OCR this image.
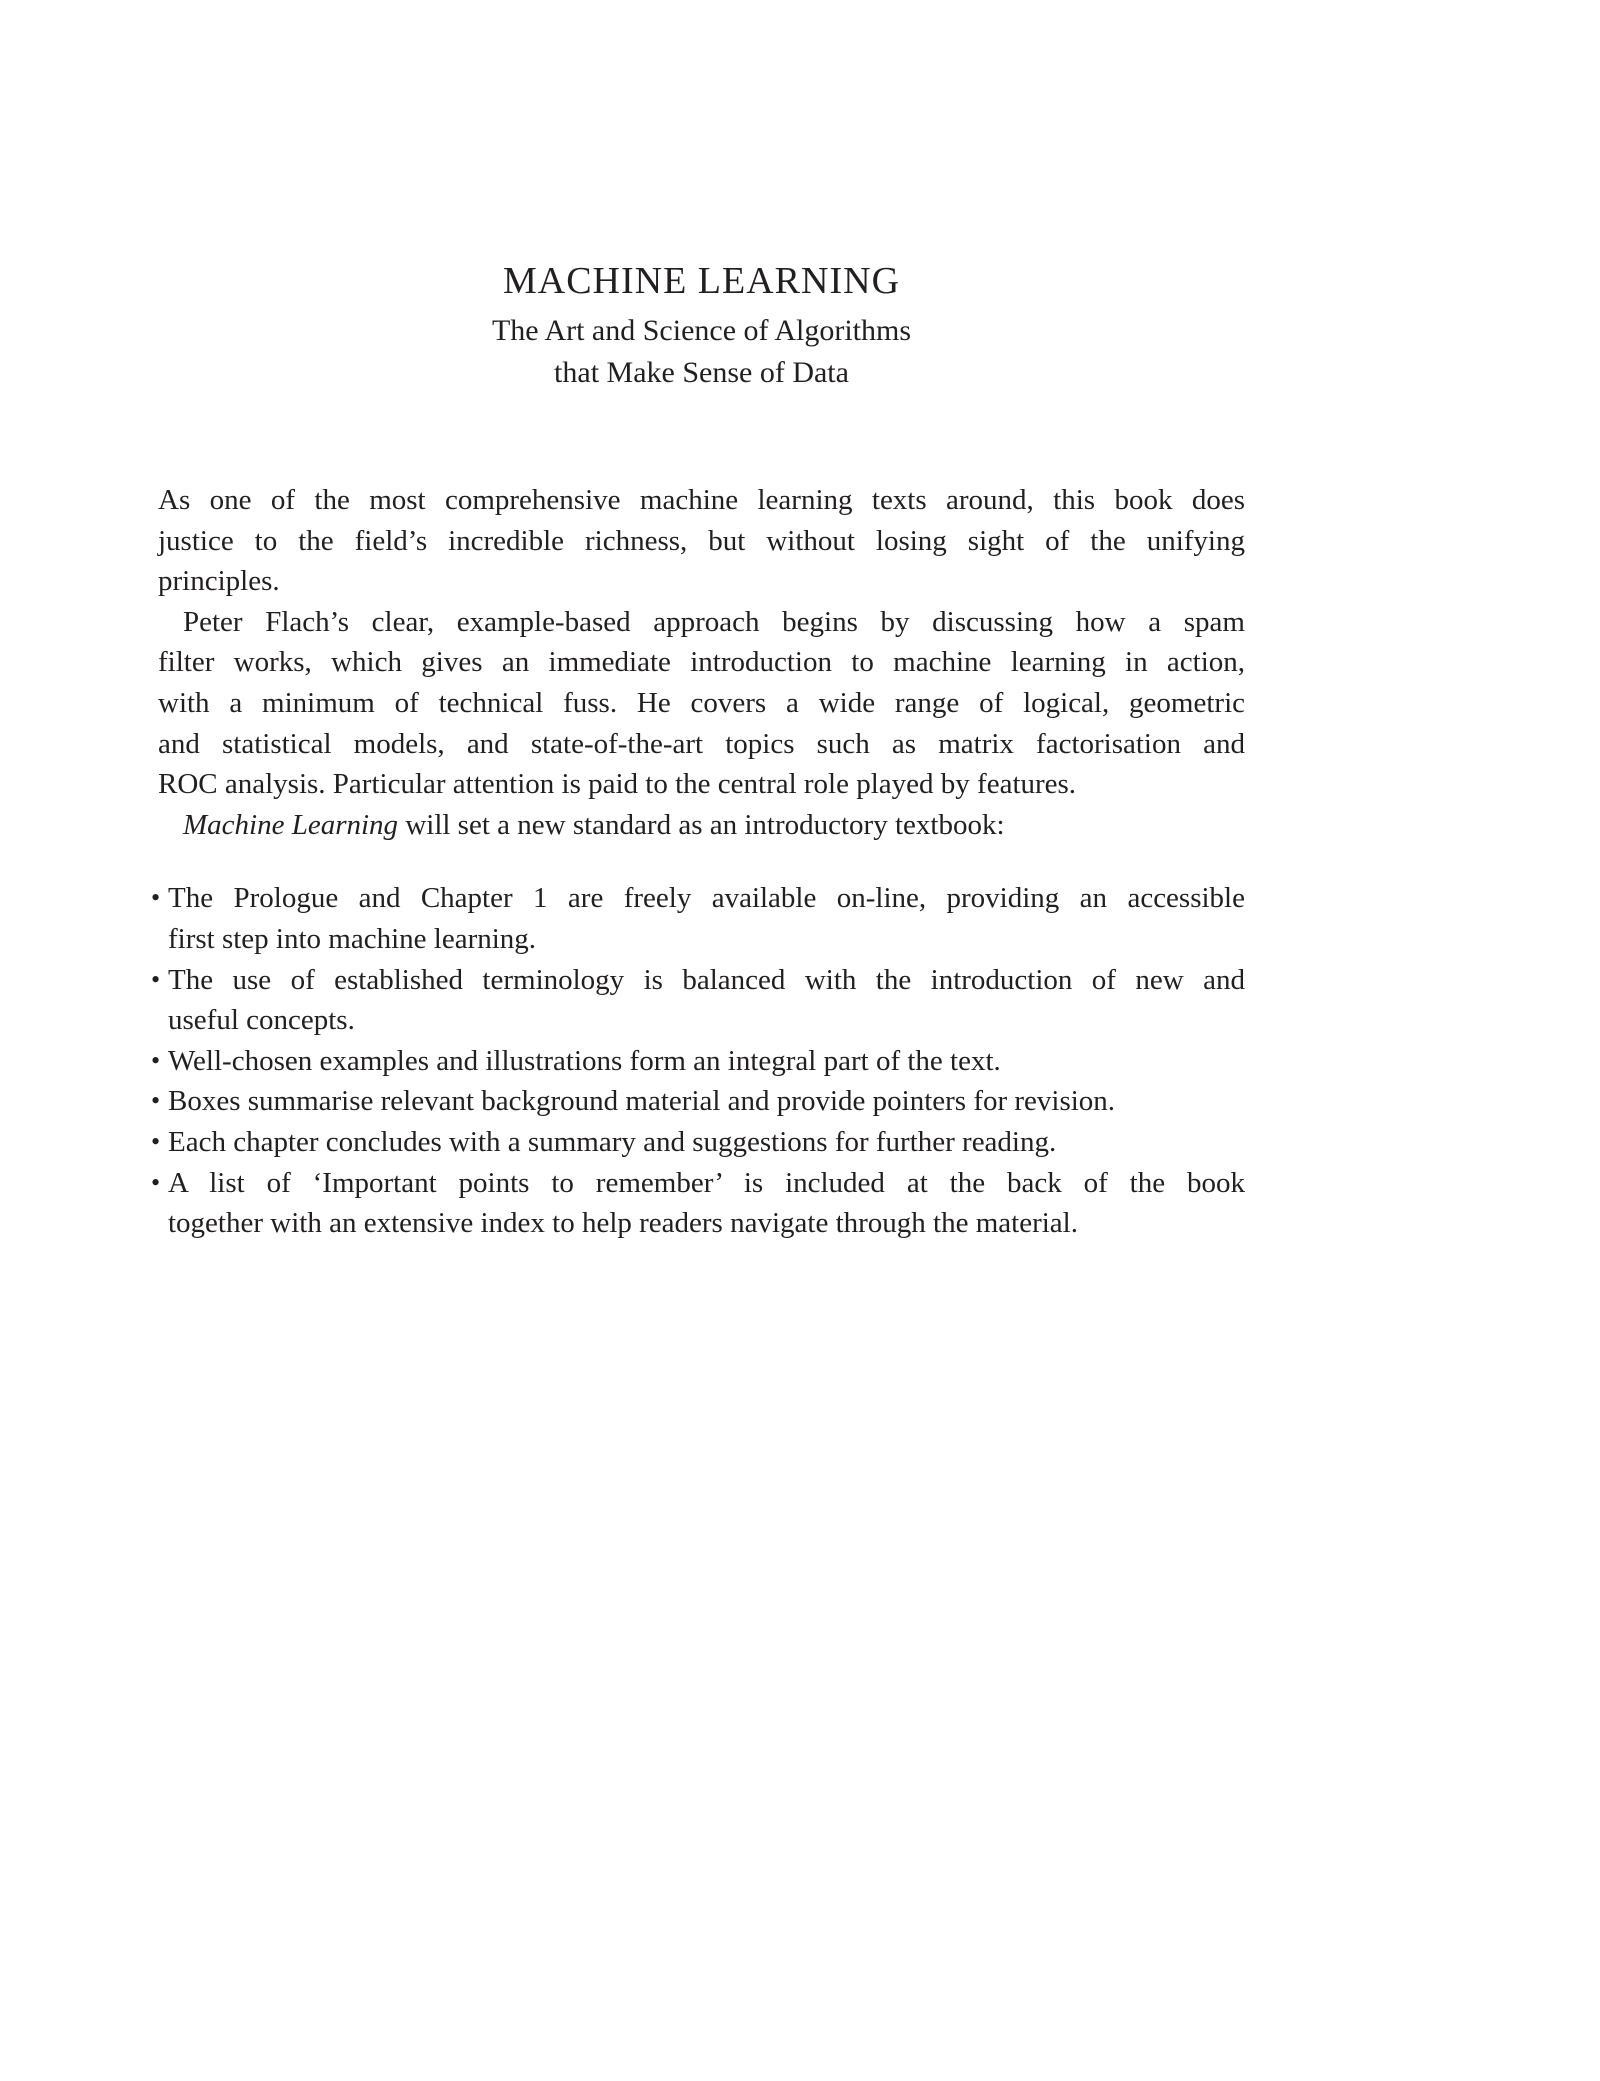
MACHINE LEARNING
The Art and Science of Algorithms
that Make Sense of Data
As one of the most comprehensive machine learning texts around, this book does
justice to the field’s incredible richness, but without losing sight of the unifying
principles.
Peter Flach’s clear, example-based approach begins by discussing how a spam
filter works, which gives an immediate introduction to machine learning in action,
with a minimum of technical fuss. He covers a wide range of logical, geometric
and statistical models, and state-of-the-art topics such as matrix factorisation and
ROC analysis. Particular attention is paid to the central role played by features.
Machine Learning will set a new standard as an introductory textbook:
• The Prologue and Chapter 1 are freely available on-line, providing an accessible
first step into machine learning.
• The use of established terminology is balanced with the introduction of new and
useful concepts.
• Well-chosen examples and illustrations form an integral part of the text.
• Boxes summarise relevant background material and provide pointers for revision.
• Each chapter concludes with a summary and suggestions for further reading.
• A list of ‘Important points to remember’ is included at the back of the book
together with an extensive index to help readers navigate through the material.
